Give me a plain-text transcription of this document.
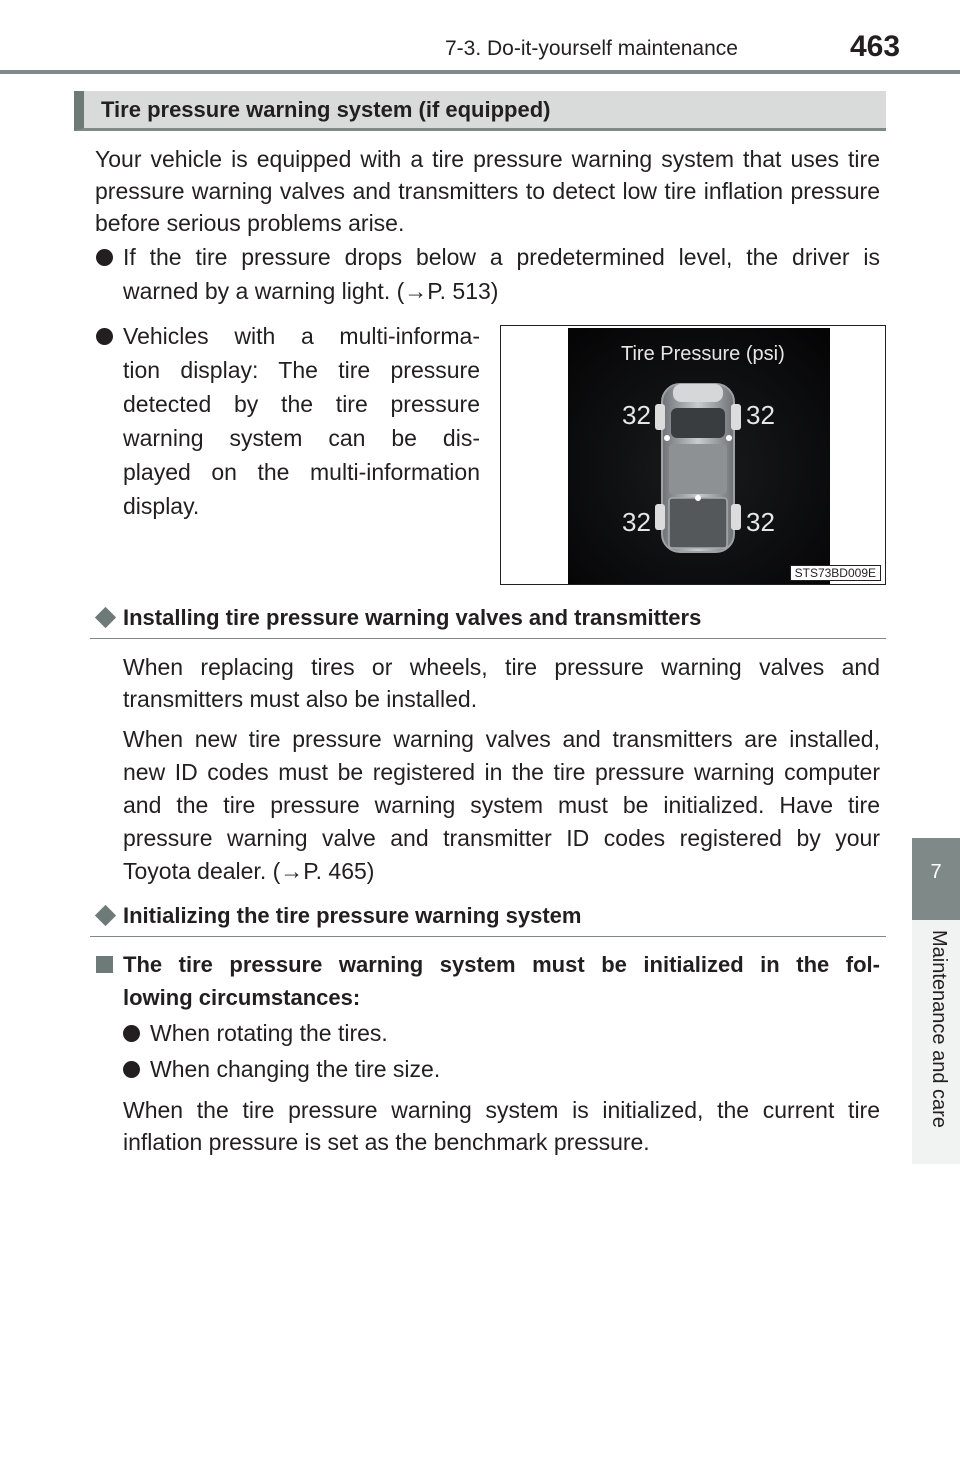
7-3. Do-it-yourself maintenance	463
7
Maintenance and care
Tire pressure warning system (if equipped)
Your vehicle is equipped with a tire pressure warning system that uses tire pressure warning valves and transmitters to detect low tire inflation pressure before serious problems arise.
If the tire pressure drops below a predetermined level, the driver is
warned by a warning light. (→P. 513)
Vehicles with a multi-informa-
tion display: The tire pressure
detected by the tire pressure
warning system can be dis-
played on the multi-information
display.
Tire Pressure (psi)
32	32
32	32
STS73BD009E
Installing tire pressure warning valves and transmitters
When replacing tires or wheels, tire pressure warning valves and transmitters must also be installed.
When new tire pressure warning valves and transmitters are installed, new ID codes must be registered in the tire pressure warning computer and the tire pressure warning system must be initialized. Have tire pressure warning valve and transmitter ID codes registered by your Toyota dealer. (→P. 465)
Initializing the tire pressure warning system
The tire pressure warning system must be initialized in the fol-
lowing circumstances:
When rotating the tires.
When changing the tire size.
When the tire pressure warning system is initialized, the current tire inflation pressure is set as the benchmark pressure.
